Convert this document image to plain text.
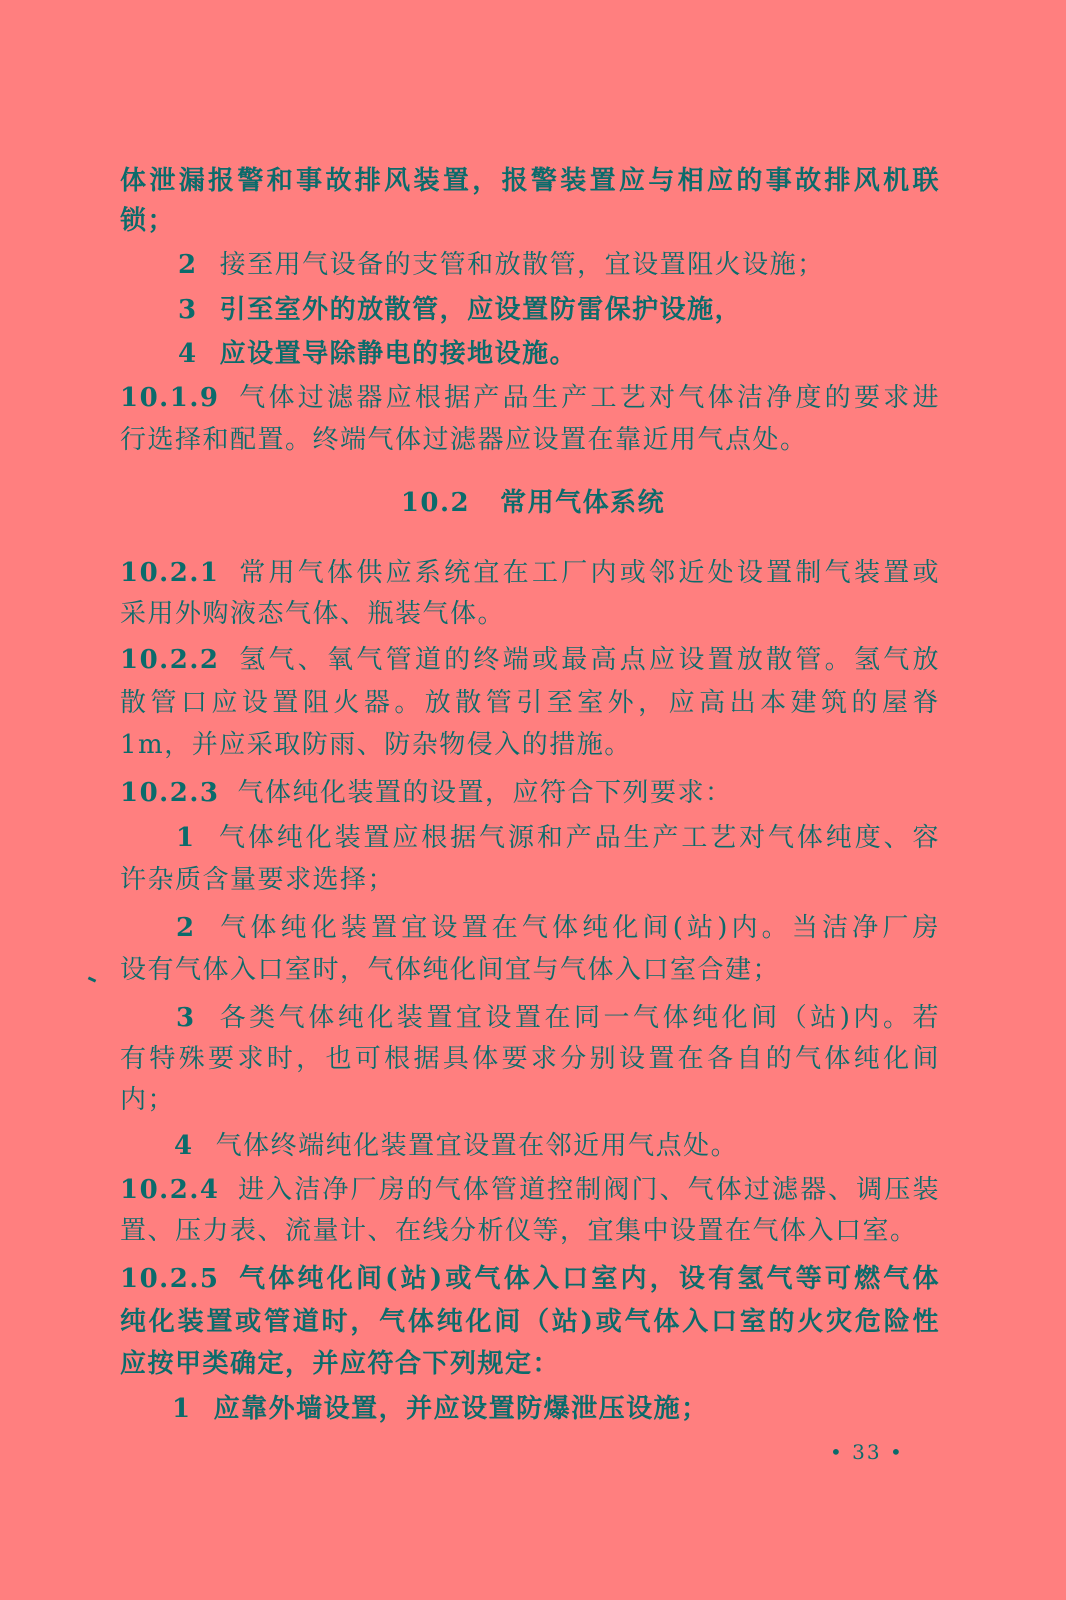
体泄漏报警和事故排风装置，报警装置应与相应的事故排风机联
锁；
2 接至用气设备的支管和放散管，宜设置阻火设施；
3 引至室外的放散管，应设置防雷保护设施，
4 应设置导除静电的接地设施。
10.1.9 气体过滤器应根据产品生产工艺对气体洁净度的要求进
行选择和配置。终端气体过滤器应设置在靠近用气点处。
10.2 常用气体系统
10.2.1 常用气体供应系统宜在工厂内或邻近处设置制气装置或
采用外购液态气体、瓶装气体。
10.2.2 氢气、氧气管道的终端或最高点应设置放散管。氢气放
散管口应设置阻火器。放散管引至室外，应高出本建筑的屋脊
1m，并应采取防雨、防杂物侵入的措施。
10.2.3 气体纯化装置的设置，应符合下列要求：
1 气体纯化装置应根据气源和产品生产工艺对气体纯度、容
许杂质含量要求选择；
2 气体纯化装置宜设置在气体纯化间(站)内。当洁净厂房
设有气体入口室时，气体纯化间宜与气体入口室合建；
3 各类气体纯化装置宜设置在同一气体纯化间（站)内。若
有特殊要求时，也可根据具体要求分别设置在各自的气体纯化间
内；
4 气体终端纯化装置宜设置在邻近用气点处。
10.2.4 进入洁净厂房的气体管道控制阀门、气体过滤器、调压装
置、压力表、流量计、在线分析仪等，宜集中设置在气体入口室。
10.2.5 气体纯化间(站)或气体入口室内，设有氢气等可燃气体
纯化装置或管道时，气体纯化间（站)或气体入口室的火灾危险性
应按甲类确定，并应符合下列规定：
1 应靠外墙设置，并应设置防爆泄压设施；
• 33 •
